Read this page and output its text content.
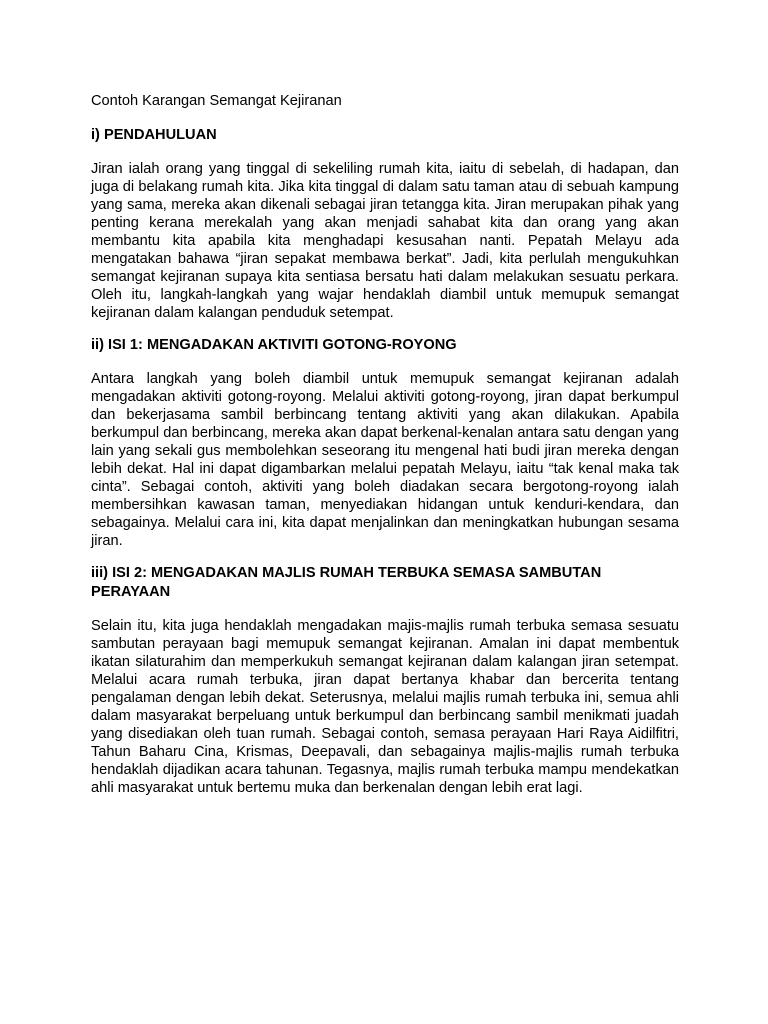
Contoh Karangan Semangat Kejiranan
i) PENDAHULUAN

Jiran ialah orang yang tinggal di sekeliling rumah kita, iaitu di sebelah, di hadapan, dan juga di belakang rumah kita. Jika kita tinggal di dalam satu taman atau di sebuah kampung yang sama, mereka akan dikenali sebagai jiran tetangga kita. Jiran merupakan pihak yang penting kerana merekalah yang akan menjadi sahabat kita dan orang yang akan membantu kita apabila kita menghadapi kesusahan nanti. Pepatah Melayu ada mengatakan bahawa “jiran sepakat membawa berkat”. Jadi, kita perlulah mengukuhkan semangat kejiranan supaya kita sentiasa bersatu hati dalam melakukan sesuatu perkara. Oleh itu, langkah-langkah yang wajar hendaklah diambil untuk memupuk semangat kejiranan dalam kalangan penduduk setempat.

ii) ISI 1: MENGADAKAN AKTIVITI GOTONG-ROYONG

Antara langkah yang boleh diambil untuk memupuk semangat kejiranan adalah mengadakan aktiviti gotong-royong. Melalui aktiviti gotong-royong, jiran dapat berkumpul dan bekerjasama sambil berbincang tentang aktiviti yang akan dilakukan. Apabila berkumpul dan berbincang, mereka akan dapat berkenal-kenalan antara satu dengan yang lain yang sekali gus membolehkan seseorang itu mengenal hati budi jiran mereka dengan lebih dekat. Hal ini dapat digambarkan melalui pepatah Melayu, iaitu “tak kenal maka tak cinta”. Sebagai contoh, aktiviti yang boleh diadakan secara bergotong-royong ialah membersihkan kawasan taman, menyediakan hidangan untuk kenduri-kendara, dan sebagainya. Melalui cara ini, kita dapat menjalinkan dan meningkatkan hubungan sesama jiran.

iii) ISI 2: MENGADAKAN MAJLIS RUMAH TERBUKA SEMASA SAMBUTAN PERAYAAN

Selain itu, kita juga hendaklah mengadakan majis-majlis rumah terbuka semasa sesuatu sambutan perayaan bagi memupuk semangat kejiranan. Amalan ini dapat membentuk ikatan silaturahim dan memperkukuh semangat kejiranan dalam kalangan jiran setempat. Melalui acara rumah terbuka, jiran dapat bertanya khabar dan bercerita tentang pengalaman dengan lebih dekat. Seterusnya, melalui majlis rumah terbuka ini, semua ahli dalam masyarakat berpeluang untuk berkumpul dan berbincang sambil menikmati juadah yang disediakan oleh tuan rumah. Sebagai contoh, semasa perayaan Hari Raya Aidilfitri, Tahun Baharu Cina, Krismas, Deepavali, dan sebagainya majlis-majlis rumah terbuka hendaklah dijadikan acara tahunan. Tegasnya, majlis rumah terbuka mampu mendekatkan ahli masyarakat untuk bertemu muka dan berkenalan dengan lebih erat lagi.
